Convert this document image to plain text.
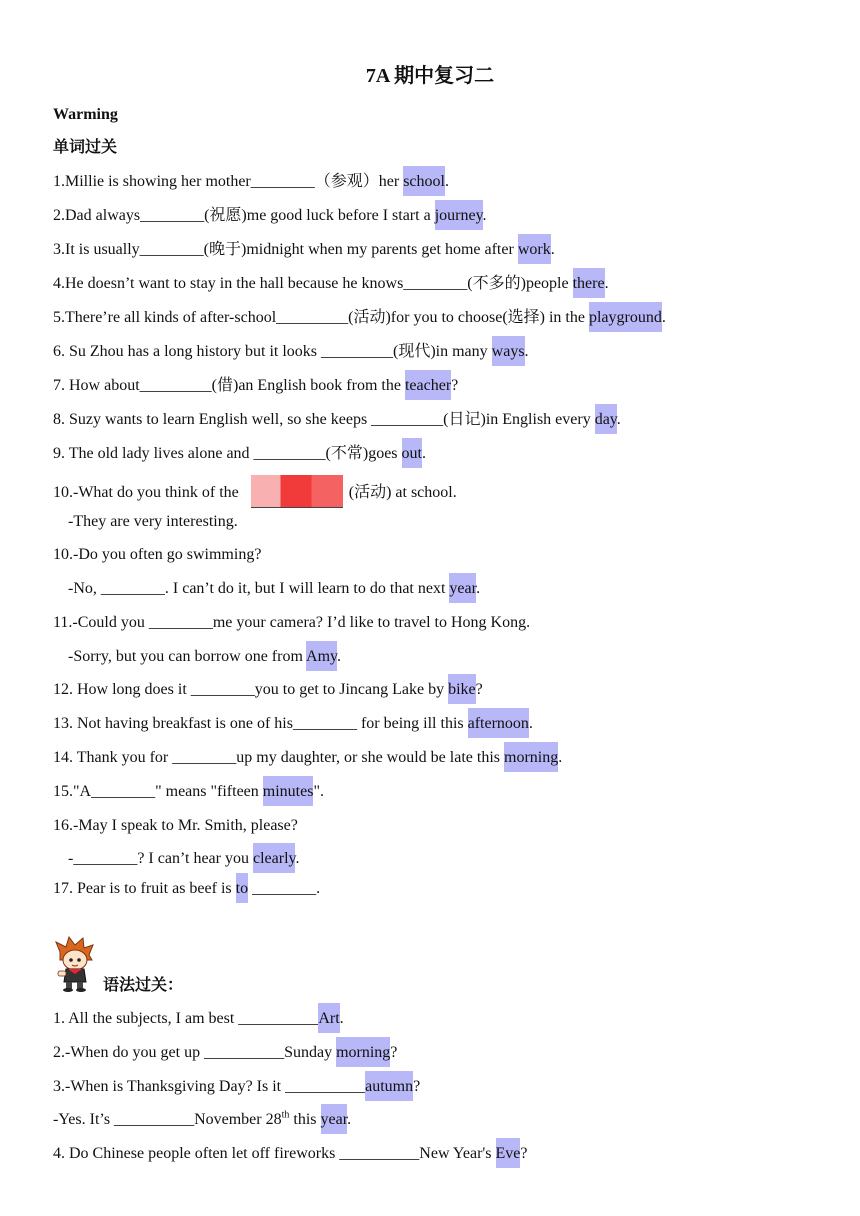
7A 期中复习二
Warming
单词过关
1.Millie is showing her mother________（参观）her school.
2.Dad always________(祝愿)me good luck before I start a journey.
3.It is usually________(晚于)midnight when my parents get home after work.
4.He doesn’t want to stay in the hall because he knows________(不多的)people there.
5.There’re all kinds of after-school_________(活动)for you to choose(选择) in the playground.
6. Su Zhou has a long history but it looks _________(现代)in many ways.
7. How about_________(借)an English book from the teacher?
8. Suzy wants to learn English well, so she keeps _________(日记)in English every day.
9. The old lady lives alone and _________(不常)goes out.
10.-What do you think of the	(活动) at school.
-They are very interesting.
10.-Do you often go swimming?
-No, ________. I can’t do it, but I will learn to do that next year.
11.-Could you ________me your camera? I’d like to travel to Hong Kong.
-Sorry, but you can borrow one from Amy.
12. How long does it ________you to get to Jincang Lake by bike?
13. Not having breakfast is one of his________ for being ill this afternoon.
14. Thank you for ________up my daughter, or she would be late this morning.
15."A________" means "fifteen minutes".
16.-May I speak to Mr. Smith, please?
-________? I can’t hear you clearly.
17. Pear is to fruit as beef is to ________.
语法过关：
1. All the subjects, I am best __________Art.
2.-When do you get up __________Sunday morning?
3.-When is Thanksgiving Day? Is it __________autumn?
-Yes. It’s __________November 28th this year.
4. Do Chinese people often let off fireworks __________New Year's Eve?
